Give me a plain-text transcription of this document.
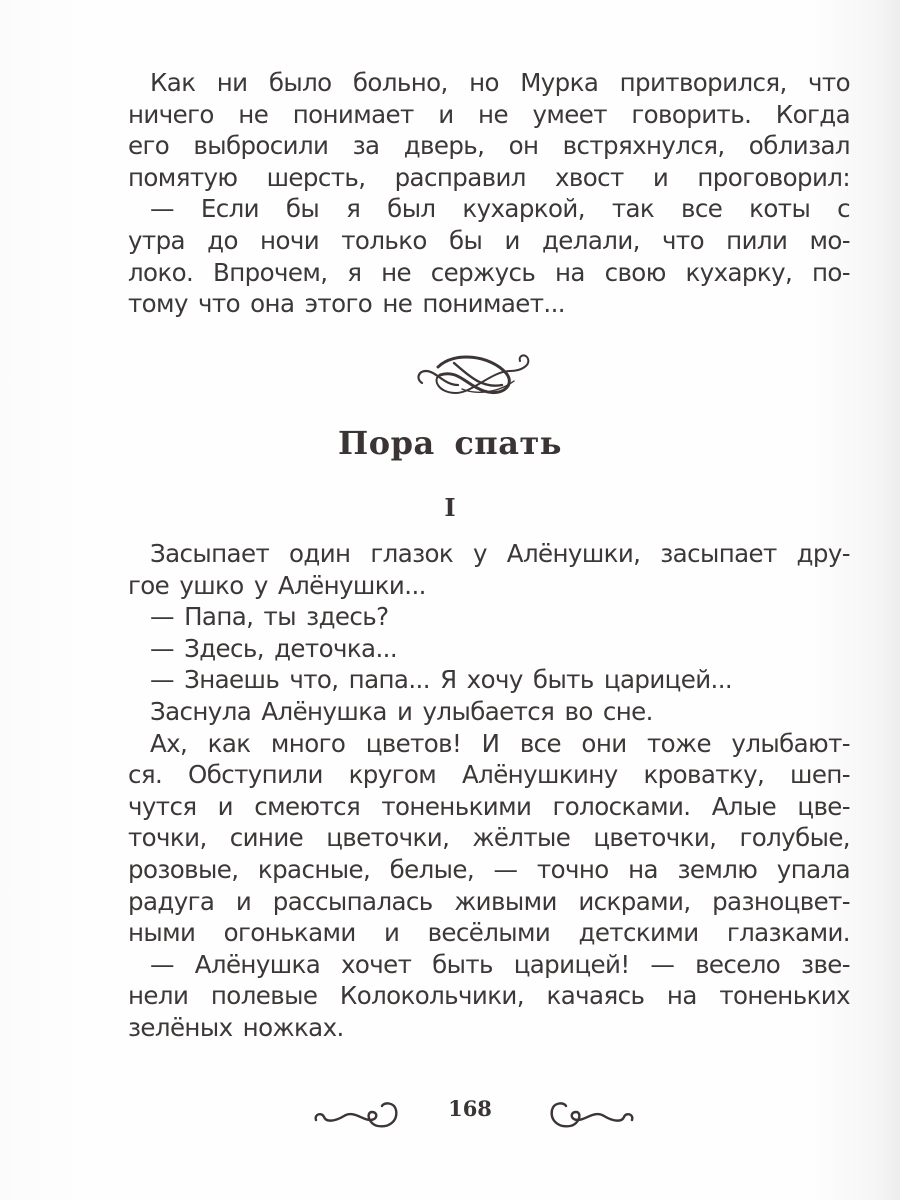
Как ни было больно, но Мурка притворился, что
ничего не понимает и не умеет говорить. Когда
его выбросили за дверь, он встряхнулся, облизал
помятую шерсть, расправил хвост и проговорил:
— Если бы я был кухаркой, так все коты с
утра до ночи только бы и делали, что пили мо-
локо. Впрочем, я не сержусь на свою кухарку, по-
тому что она этого не понимает...
Пора спать
I
Засыпает один глазок у Алёнушки, засыпает дру-
гое ушко у Алёнушки...
— Папа, ты здесь?
— Здесь, деточка...
— Знаешь что, папа... Я хочу быть царицей...
Заснула Алёнушка и улыбается во сне.
Ах, как много цветов! И все они тоже улыбают-
ся. Обступили кругом Алёнушкину кроватку, шеп-
чутся и смеются тоненькими голосками. Алые цве-
точки, синие цветочки, жёлтые цветочки, голубые,
розовые, красные, белые, — точно на землю упала
радуга и рассыпалась живыми искрами, разноцвет-
ными огоньками и весёлыми детскими глазками.
— Алёнушка хочет быть царицей! — весело зве-
нели полевые Колокольчики, качаясь на тоненьких
зелёных ножках.
168
